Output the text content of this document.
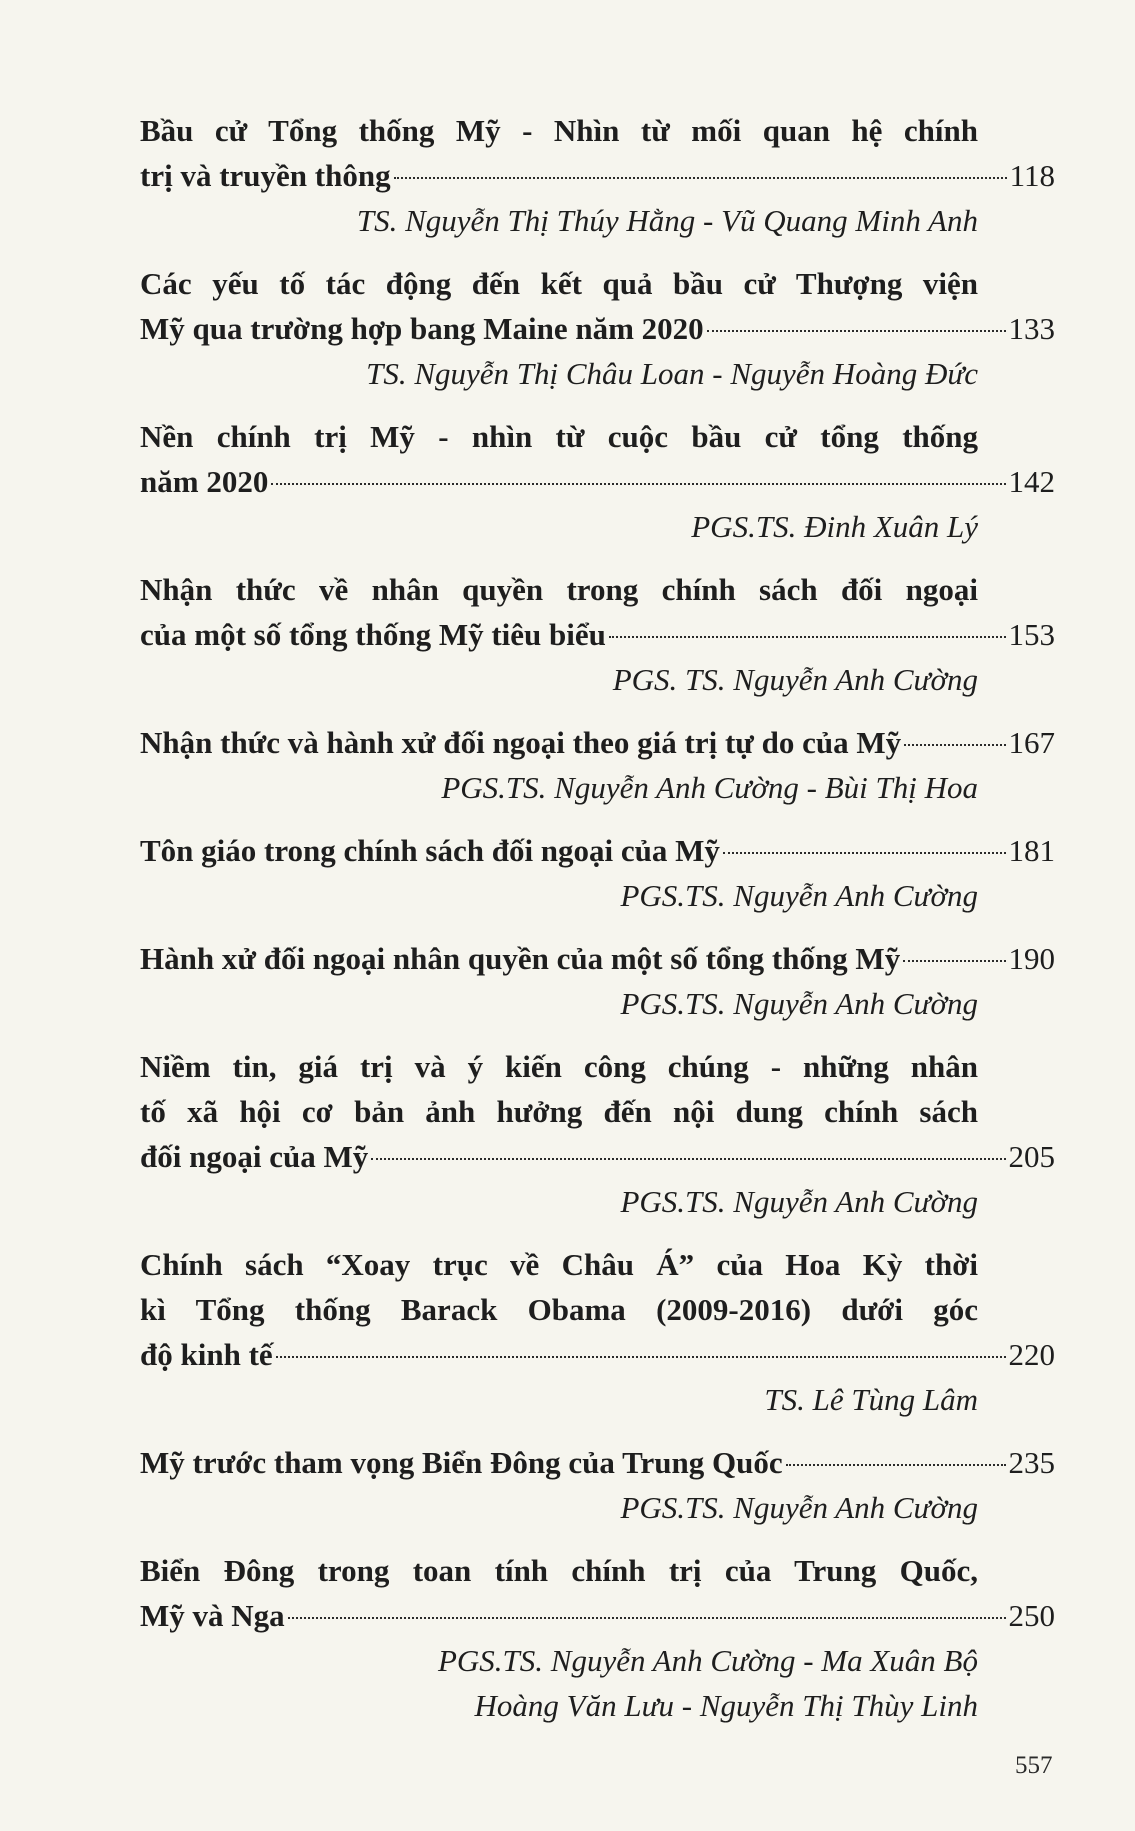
Bầu cử Tổng thống Mỹ - Nhìn từ mối quan hệ chính
trị và truyền thông	118
TS. Nguyễn Thị Thúy Hằng - Vũ Quang Minh Anh
Các yếu tố tác động đến kết quả bầu cử Thượng viện
Mỹ qua trường hợp bang Maine năm 2020	133
TS. Nguyễn Thị Châu Loan - Nguyễn Hoàng Đức
Nền chính trị Mỹ - nhìn từ cuộc bầu cử tổng thống
năm 2020	142
PGS.TS. Đinh Xuân Lý
Nhận thức về nhân quyền trong chính sách đối ngoại
của một số tổng thống Mỹ tiêu biểu	153
PGS. TS. Nguyễn Anh Cường
Nhận thức và hành xử đối ngoại theo giá trị tự do của Mỹ	167
PGS.TS. Nguyễn Anh Cường - Bùi Thị Hoa
Tôn giáo trong chính sách đối ngoại của Mỹ	181
PGS.TS. Nguyễn Anh Cường
Hành xử đối ngoại nhân quyền của một số tổng thống Mỹ	190
PGS.TS. Nguyễn Anh Cường
Niềm tin, giá trị và ý kiến công chúng - những nhân
tố xã hội cơ bản ảnh hưởng đến nội dung chính sách
đối ngoại của Mỹ	205
PGS.TS. Nguyễn Anh Cường
Chính sách “Xoay trục về Châu Á” của Hoa Kỳ thời
kì Tổng thống Barack Obama (2009-2016) dưới góc
độ kinh tế	220
TS. Lê Tùng Lâm
Mỹ trước tham vọng Biển Đông của Trung Quốc	235
PGS.TS. Nguyễn Anh Cường
Biển Đông trong toan tính chính trị của Trung Quốc,
Mỹ và Nga	250
PGS.TS. Nguyễn Anh Cường - Ma Xuân Bộ
Hoàng Văn Lưu - Nguyễn Thị Thùy Linh
557
